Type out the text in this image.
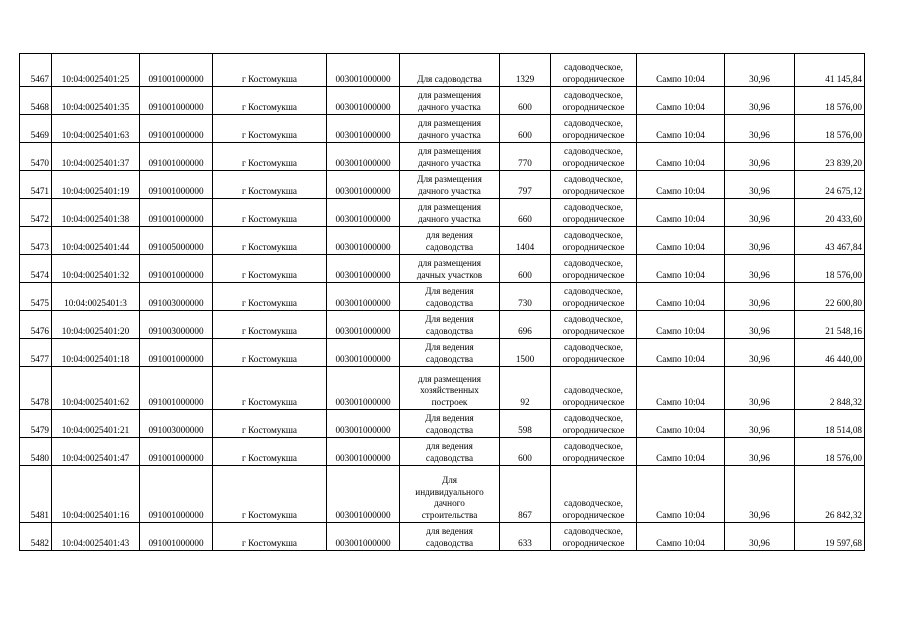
5467	10:04:0025401:25	091001000000	г Костомукша	003001000000	Для садоводства	1329	садоводческое,
огородническое	Сампо 10:04	30,96	41 145,84
5468	10:04:0025401:35	091001000000	г Костомукша	003001000000	для размещения
дачного участка	600	садоводческое,
огородническое	Сампо 10:04	30,96	18 576,00
5469	10:04:0025401:63	091001000000	г Костомукша	003001000000	для размещения
дачного участка	600	садоводческое,
огородническое	Сампо 10:04	30,96	18 576,00
5470	10:04:0025401:37	091001000000	г Костомукша	003001000000	для размещения
дачного участка	770	садоводческое,
огородническое	Сампо 10:04	30,96	23 839,20
5471	10:04:0025401:19	091001000000	г Костомукша	003001000000	Для размещения
дачного участка	797	садоводческое,
огородническое	Сампо 10:04	30,96	24 675,12
5472	10:04:0025401:38	091001000000	г Костомукша	003001000000	для размещения
дачного участка	660	садоводческое,
огородническое	Сампо 10:04	30,96	20 433,60
5473	10:04:0025401:44	091005000000	г Костомукша	003001000000	для ведения
садоводства	1404	садоводческое,
огородническое	Сампо 10:04	30,96	43 467,84
5474	10:04:0025401:32	091001000000	г Костомукша	003001000000	для размещения
дачных участков	600	садоводческое,
огородническое	Сампо 10:04	30,96	18 576,00
5475	10:04:0025401:3	091003000000	г Костомукша	003001000000	Для ведения
садоводства	730	садоводческое,
огородническое	Сампо 10:04	30,96	22 600,80
5476	10:04:0025401:20	091003000000	г Костомукша	003001000000	Для ведения
садоводства	696	садоводческое,
огородническое	Сампо 10:04	30,96	21 548,16
5477	10:04:0025401:18	091001000000	г Костомукша	003001000000	Для ведения
садоводства	1500	садоводческое,
огородническое	Сампо 10:04	30,96	46 440,00
5478	10:04:0025401:62	091001000000	г Костомукша	003001000000	для размещения
хозяйственных
построек	92	садоводческое,
огородническое	Сампо 10:04	30,96	2 848,32
5479	10:04:0025401:21	091003000000	г Костомукша	003001000000	Для ведения
садоводства	598	садоводческое,
огородническое	Сампо 10:04	30,96	18 514,08
5480	10:04:0025401:47	091001000000	г Костомукша	003001000000	для ведения
садоводства	600	садоводческое,
огородническое	Сампо 10:04	30,96	18 576,00
5481	10:04:0025401:16	091001000000	г Костомукша	003001000000	Для
индивидуального
дачного
строительства	867	садоводческое,
огородническое	Сампо 10:04	30,96	26 842,32
5482	10:04:0025401:43	091001000000	г Костомукша	003001000000	для ведения
садоводства	633	садоводческое,
огородническое	Сампо 10:04	30,96	19 597,68
